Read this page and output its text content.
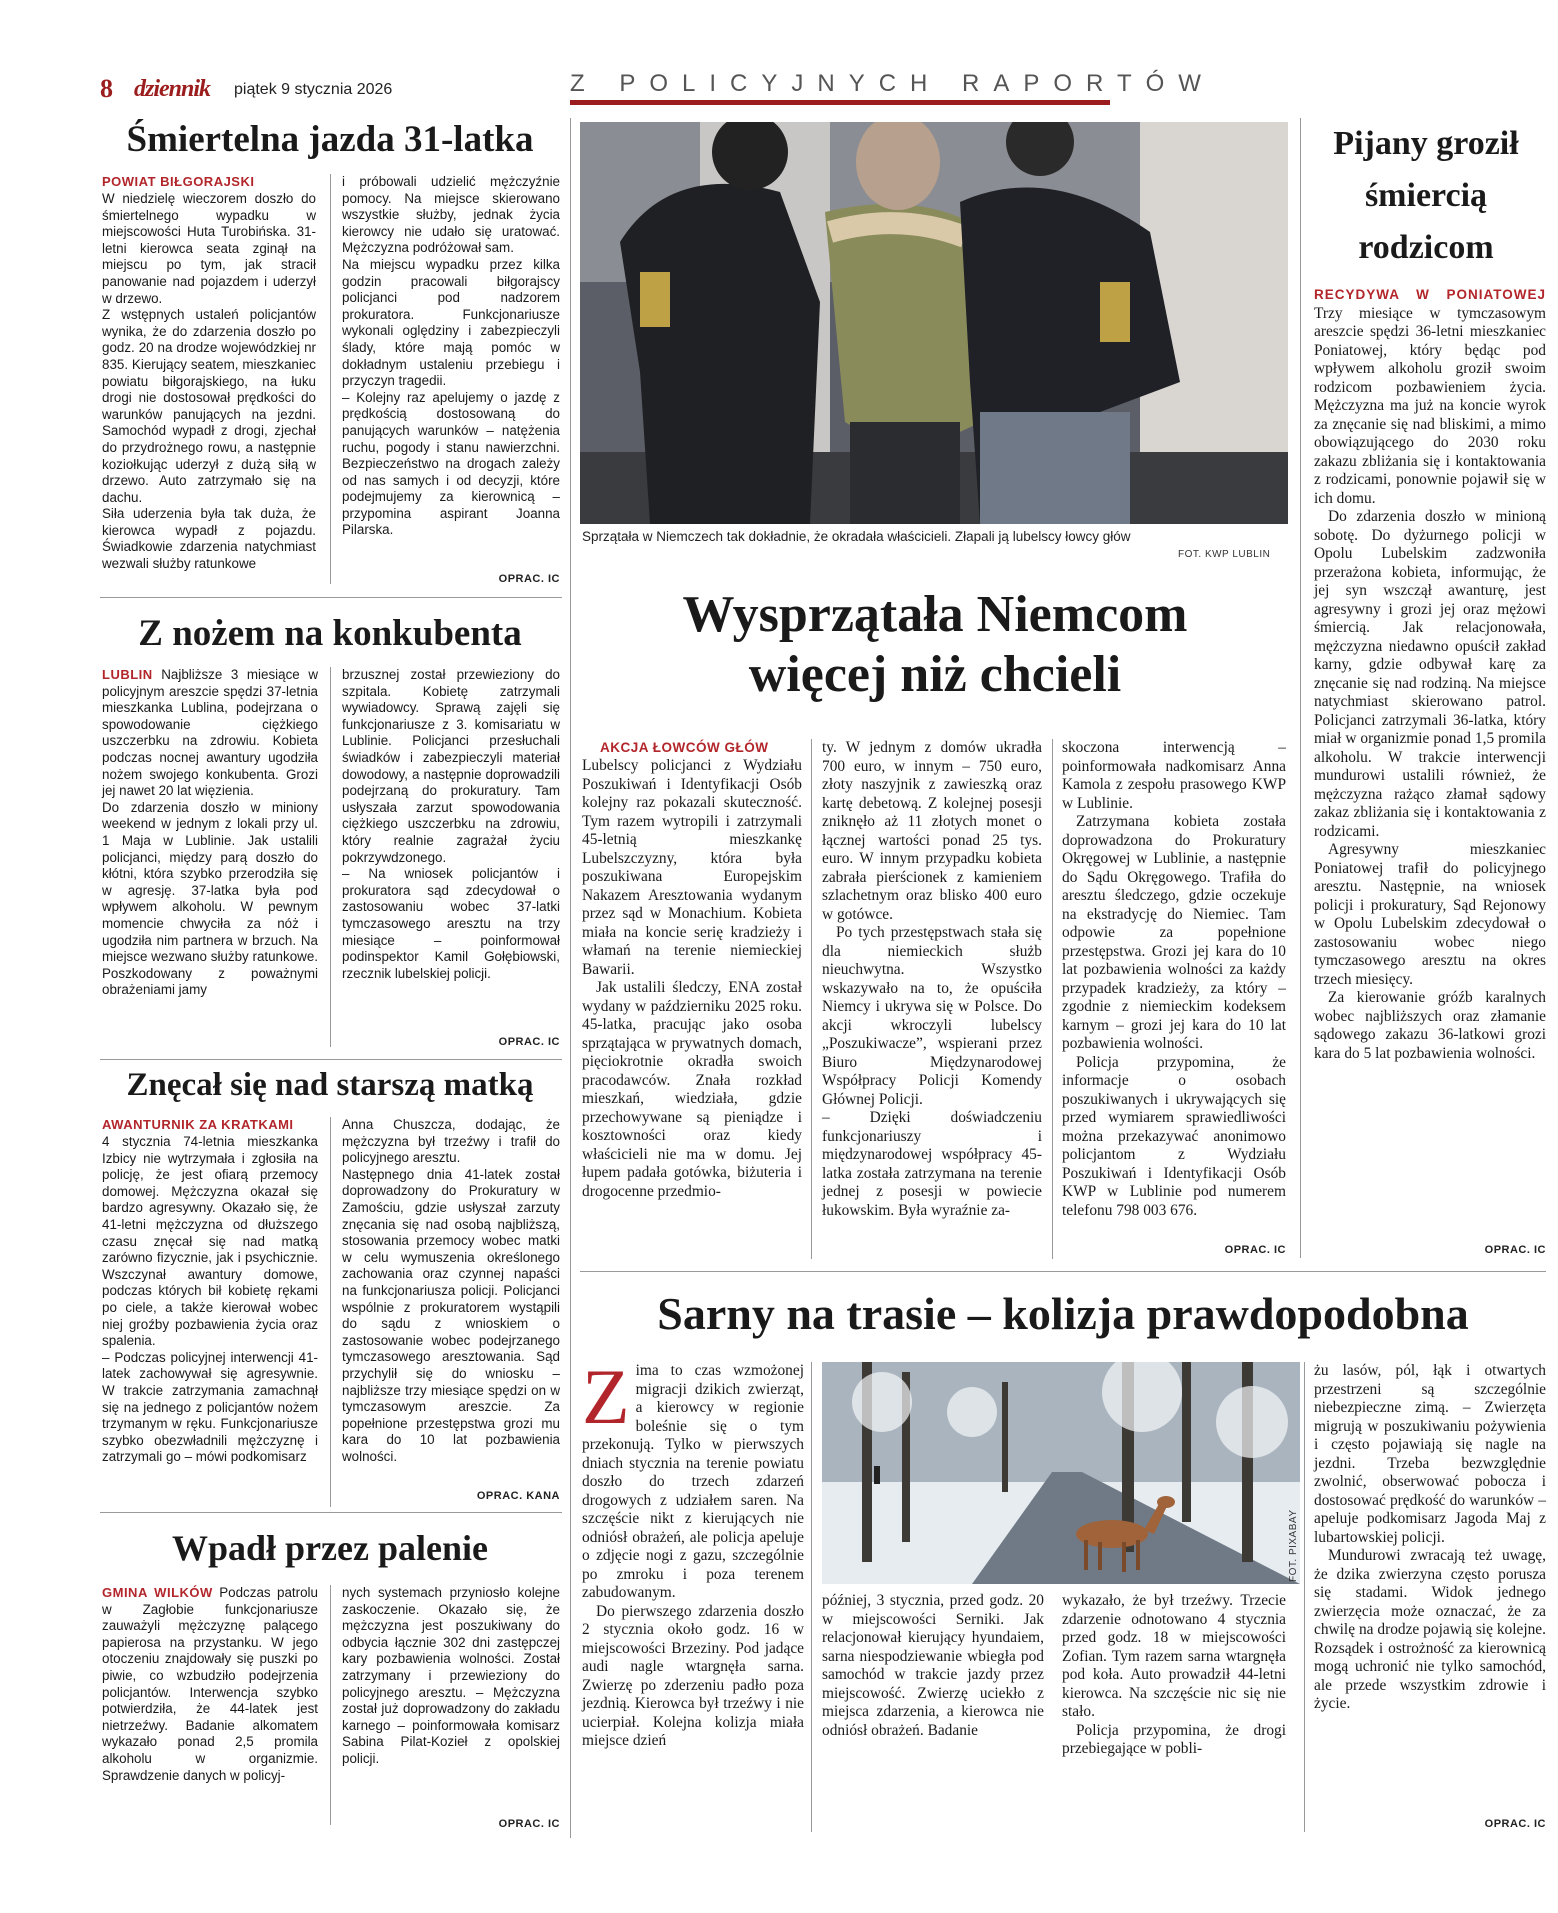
8 dziennik piątek 9 stycznia 2026	Z POLICYJNYCH RAPORTÓW
Śmiertelna jazda 31-latka
POWIAT BIŁGORAJSKI

W niedzielę wieczorem doszło do śmiertelnego wypadku w miejscowości Huta Turobińska. 31-letni kierowca seata zginął na miejscu po tym, jak stracił panowanie nad pojazdem i uderzył w drzewo.

Z wstępnych ustaleń policjantów wynika, że do zdarzenia doszło po godz. 20 na drodze wojewódzkiej nr 835. Kierujący seatem, mieszkaniec powiatu biłgorajskiego, na łuku drogi nie dostosował prędkości do warunków panujących na jezdni. Samochód wypadł z drogi, zjechał do przydrożnego rowu, a następnie koziołkując uderzył z dużą siłą w drzewo. Auto zatrzymało się na dachu.

Siła uderzenia była tak duża, że kierowca wypadł z pojazdu. Świadkowie zdarzenia natychmiast wezwali służby ratunkowe

i próbowali udzielić mężczyźnie pomocy. Na miejsce skierowano wszystkie służby, jednak życia kierowcy nie udało się uratować. Mężczyzna podróżował sam.

Na miejscu wypadku przez kilka godzin pracowali biłgorajscy policjanci pod nadzorem prokuratora. Funkcjonariusze wykonali oględziny i zabezpieczyli ślady, które mają pomóc w dokładnym ustaleniu przebiegu i przyczyn tragedii.

– Kolejny raz apelujemy o jazdę z prędkością dostosowaną do panujących warunków – natężenia ruchu, pogody i stanu nawierzchni. Bezpieczeństwo na drogach zależy od nas samych i od decyzji, które podejmujemy za kierownicą – przypomina aspirant Joanna Pilarska.

OPRAC. IC
Z nożem na konkubenta

LUBLIN Najbliższe 3 miesiące w policyjnym areszcie spędzi 37-letnia mieszkanka Lublina, podejrzana o spowodowanie ciężkiego uszczerbku na zdrowiu. Kobieta podczas nocnej awantury ugodziła nożem swojego konkubenta. Grozi jej nawet 20 lat więzienia.

Do zdarzenia doszło w miniony weekend w jednym z lokali przy ul. 1 Maja w Lublinie. Jak ustalili policjanci, między parą doszło do kłótni, która szybko przerodziła się w agresję. 37-latka była pod wpływem alkoholu. W pewnym momencie chwyciła za nóż i ugodziła nim partnera w brzuch. Na miejsce wezwano służby ratunkowe. Poszkodowany z poważnymi obrażeniami jamy

brzusznej został przewieziony do szpitala. Kobietę zatrzymali wywiadowcy. Sprawą zajęli się funkcjonariusze z 3. komisariatu w Lublinie. Policjanci przesłuchali świadków i zabezpieczyli materiał dowodowy, a następnie doprowadzili podejrzaną do prokuratury. Tam usłyszała zarzut spowodowania ciężkiego uszczerbku na zdrowiu, który realnie zagrażał życiu pokrzywdzonego.

– Na wniosek policjantów i prokuratora sąd zdecydował o zastosowaniu wobec 37-latki tymczasowego aresztu na trzy miesiące – poinformował podinspektor Kamil Gołębiowski, rzecznik lubelskiej policji.

OPRAC. IC
Znęcał się nad starszą matką
AWANTURNIK ZA KRATKAMI

4 stycznia 74-letnia mieszkanka Izbicy nie wytrzymała i zgłosiła na policję, że jest ofiarą przemocy domowej. Mężczyzna okazał się bardzo agresywny. Okazało się, że 41-letni mężczyzna od dłuższego czasu znęcał się nad matką zarówno fizycznie, jak i psychicznie. Wszczynał awantury domowe, podczas których bił kobietę rękami po ciele, a także kierował wobec niej groźby pozbawienia życia oraz spalenia.

– Podczas policyjnej interwencji 41-latek zachowywał się agresywnie. W trakcie zatrzymania zamachnął się na jednego z policjantów nożem trzymanym w ręku. Funkcjonariusze szybko obezwładnili mężczyznę i zatrzymali go – mówi podkomisarz

Anna Chuszcza, dodając, że mężczyzna był trzeźwy i trafił do policyjnego aresztu.

Następnego dnia 41-latek został doprowadzony do Prokuratury w Zamościu, gdzie usłyszał zarzuty znęcania się nad osobą najbliższą, stosowania przemocy wobec matki w celu wymuszenia określonego zachowania oraz czynnej napaści na funkcjonariusza policji. Policjanci wspólnie z prokuratorem wystąpili do sądu z wnioskiem o zastosowanie wobec podejrzanego tymczasowego aresztowania. Sąd przychylił się do wniosku – najbliższe trzy miesiące spędzi on w tymczasowym areszcie. Za popełnione przestępstwa grozi mu kara do 10 lat pozbawienia wolności.

OPRAC. KANA
Wpadł przez palenie

GMINA WILKÓW Podczas patrolu w Zagłobie funkcjonariusze zauważyli mężczyznę palącego papierosa na przystanku. W jego otoczeniu znajdowały się puszki po piwie, co wzbudziło podejrzenia policjantów. Interwencja szybko potwierdziła, że 44-latek jest nietrzeźwy. Badanie alkomatem wykazało ponad 2,5 promila alkoholu w organizmie. Sprawdzenie danych w policyj-

nych systemach przyniosło kolejne zaskoczenie. Okazało się, że mężczyzna jest poszukiwany do odbycia łącznie 302 dni zastępczej kary pozbawienia wolności. Został zatrzymany i przewieziony do policyjnego aresztu. – Mężczyzna został już doprowadzony do zakładu karnego – poinformowała komisarz Sabina Pilat-Kozieł z opolskiej policji.

OPRAC. IC
Sprzątała w Niemczech tak dokładnie, że okradała właścicieli. Złapali ją lubelscy łowcy głów
FOT. KWP LUBLIN
Wysprzątała Niemcom
więcej niż chcieli
AKCJA ŁOWCÓW GŁÓW

Lubelscy policjanci z Wydziału Poszukiwań i Identyfikacji Osób kolejny raz pokazali skuteczność. Tym razem wytropili i zatrzymali 45-letnią mieszkankę Lubelszczyzny, która była poszukiwana Europejskim Nakazem Aresztowania wydanym przez sąd w Monachium. Kobieta miała na koncie serię kradzieży i włamań na terenie niemieckiej Bawarii.

Jak ustalili śledczy, ENA został wydany w październiku 2025 roku. 45-latka, pracując jako osoba sprzątająca w prywatnych domach, pięciokrotnie okradła swoich pracodawców. Znała rozkład mieszkań, wiedziała, gdzie przechowywane są pieniądze i kosztowności oraz kiedy właścicieli nie ma w domu. Jej łupem padała gotówka, biżuteria i drogocenne przedmio-

ty. W jednym z domów ukradła 700 euro, w innym – 750 euro, złoty naszyjnik z zawieszką oraz kartę debetową. Z kolejnej posesji zniknęło aż 11 złotych monet o łącznej wartości ponad 25 tys. euro. W innym przypadku kobieta zabrała pierścionek z kamieniem szlachetnym oraz blisko 400 euro w gotówce.

Po tych przestępstwach stała się dla niemieckich służb nieuchwytna. Wszystko wskazywało na to, że opuściła Niemcy i ukrywa się w Polsce. Do akcji wkroczyli lubelscy „Poszukiwacze”, wspierani przez Biuro Międzynarodowej Współpracy Policji Komendy Głównej Policji.

– Dzięki doświadczeniu funkcjonariuszy i międzynarodowej współpracy 45-latka została zatrzymana na terenie jednej z posesji w powiecie łukowskim. Była wyraźnie za-

skoczona interwencją – poinformowała nadkomisarz Anna Kamola z zespołu prasowego KWP w Lublinie.

Zatrzymana kobieta została doprowadzona do Prokuratury Okręgowej w Lublinie, a następnie do Sądu Okręgowego. Trafiła do aresztu śledczego, gdzie oczekuje na ekstradycję do Niemiec. Tam odpowie za popełnione przestępstwa. Grozi jej kara do 10 lat pozbawienia wolności za każdy przypadek kradzieży, za który – zgodnie z niemieckim kodeksem karnym – grozi jej kara do 10 lat pozbawienia wolności.

Policja przypomina, że informacje o osobach poszukiwanych i ukrywających się przed wymiarem sprawiedliwości można przekazywać anonimowo policjantom z Wydziału Poszukiwań i Identyfikacji Osób KWP w Lublinie pod numerem telefonu 798 003 676.

OPRAC. IC
Pijany groził
śmiercią
rodzicom

RECYDYWA W PONIATOWEJ Trzy miesiące w tymczasowym areszcie spędzi 36-letni mieszkaniec Poniatowej, który będąc pod wpływem alkoholu groził swoim rodzicom pozbawieniem życia. Mężczyzna ma już na koncie wyrok za znęcanie się nad bliskimi, a mimo obowiązującego do 2030 roku zakazu zbliżania się i kontaktowania z rodzicami, ponownie pojawił się w ich domu.

Do zdarzenia doszło w minioną sobotę. Do dyżurnego policji w Opolu Lubelskim zadzwoniła przerażona kobieta, informując, że jej syn wszczął awanturę, jest agresywny i grozi jej oraz mężowi śmiercią. Jak relacjonowała, mężczyzna niedawno opuścił zakład karny, gdzie odbywał karę za znęcanie się nad rodziną. Na miejsce natychmiast skierowano patrol. Policjanci zatrzymali 36-latka, który miał w organizmie ponad 1,5 promila alkoholu. W trakcie interwencji mundurowi ustalili również, że mężczyzna rażąco złamał sądowy zakaz zbliżania się i kontaktowania z rodzicami.

Agresywny mieszkaniec Poniatowej trafił do policyjnego aresztu. Następnie, na wniosek policji i prokuratury, Sąd Rejonowy w Opolu Lubelskim zdecydował o zastosowaniu wobec niego tymczasowego aresztu na okres trzech miesięcy.

Za kierowanie gróźb karalnych wobec najbliższych oraz złamanie sądowego zakazu 36-latkowi grozi kara do 5 lat pozbawienia wolności.

OPRAC. IC
Sarny na trasie – kolizja prawdopodobna
FOT. PIXABAY

Zima to czas wzmożonej migracji dzikich zwierząt, a kierowcy w regionie boleśnie się o tym przekonują. Tylko w pierwszych dniach stycznia na terenie powiatu doszło do trzech zdarzeń drogowych z udziałem saren. Na szczęście nikt z kierujących nie odniósł obrażeń, ale policja apeluje o zdjęcie nogi z gazu, szczególnie po zmroku i poza terenem zabudowanym.

Do pierwszego zdarzenia doszło 2 stycznia około godz. 16 w miejscowości Brzeziny. Pod jadące audi nagle wtargnęła sarna. Zwierzę po zderzeniu padło poza jezdnią. Kierowca był trzeźwy i nie ucierpiał. Kolejna kolizja miała miejsce dzień

później, 3 stycznia, przed godz. 20 w miejscowości Serniki. Jak relacjonował kierujący hyundaiem, sarna niespodziewanie wbiegła pod samochód w trakcie jazdy przez miejscowość. Zwierzę uciekło z miejsca zdarzenia, a kierowca nie odniósł obrażeń. Badanie

wykazało, że był trzeźwy. Trzecie zdarzenie odnotowano 4 stycznia przed godz. 18 w miejscowości Zofian. Tym razem sarna wtargnęła pod koła. Auto prowadził 44-letni kierowca. Na szczęście nic się nie stało.

Policja przypomina, że drogi przebiegające w pobli-

żu lasów, pól, łąk i otwartych przestrzeni są szczególnie niebezpieczne zimą. – Zwierzęta migrują w poszukiwaniu pożywienia i często pojawiają się nagle na jezdni. Trzeba bezwzględnie zwolnić, obserwować pobocza i dostosować prędkość do warunków – apeluje podkomisarz Jagoda Maj z lubartowskiej policji.

Mundurowi zwracają też uwagę, że dzika zwierzyna często porusza się stadami. Widok jednego zwierzęcia może oznaczać, że za chwilę na drodze pojawią się kolejne. Rozsądek i ostrożność za kierownicą mogą uchronić nie tylko samochód, ale przede wszystkim zdrowie i życie.

OPRAC. IC
